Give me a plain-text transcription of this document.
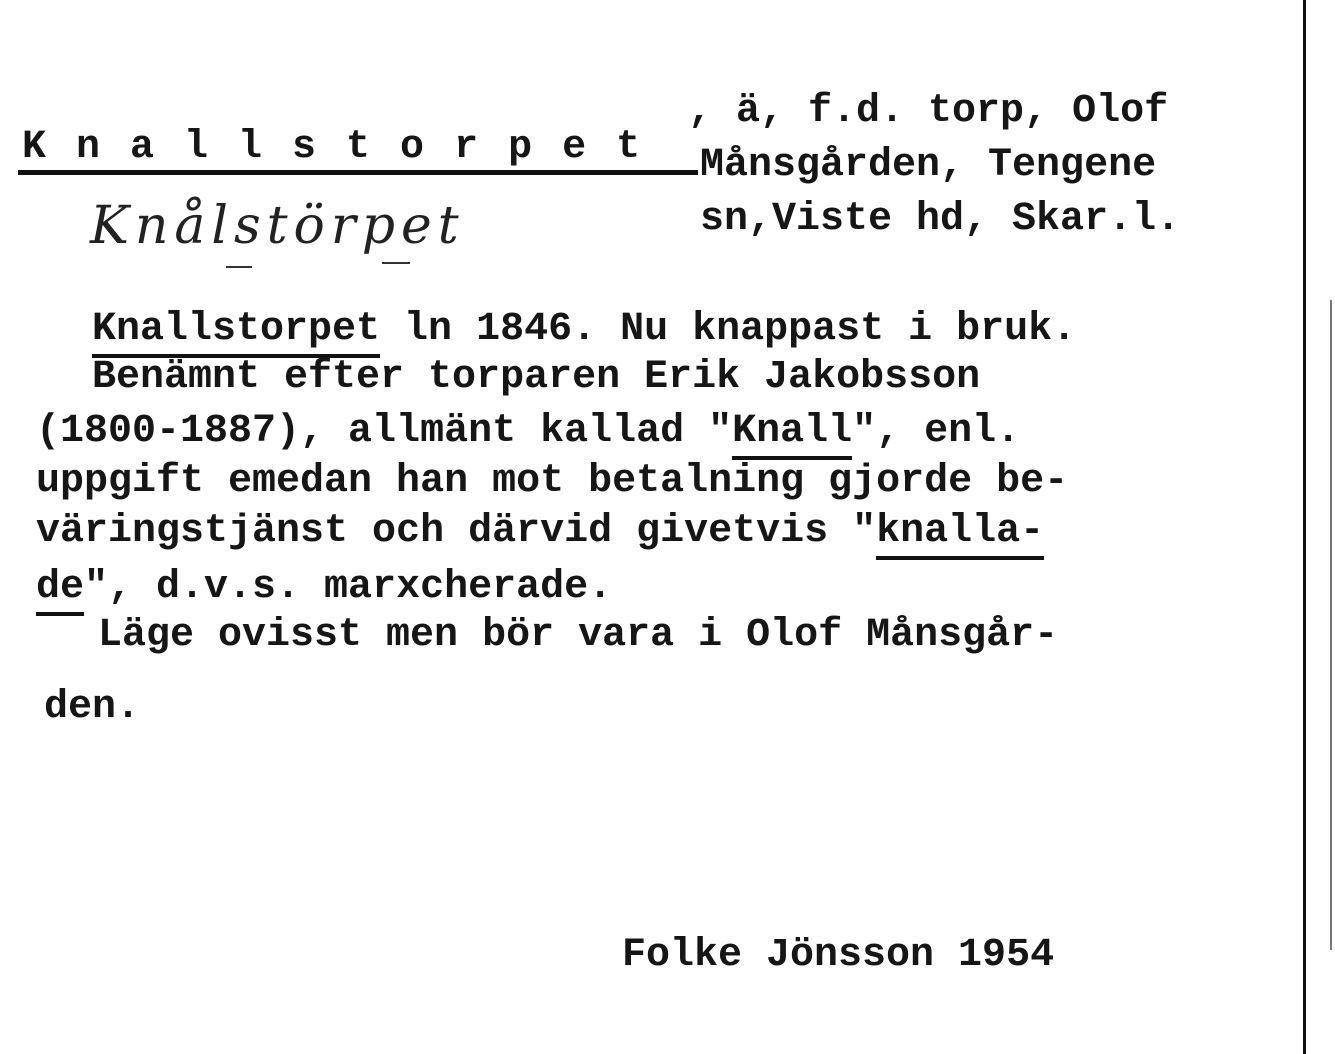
K n a l l s t o r p e t
, ä, f.d. torp, Olof
Månsgården, Tengene
sn,Viste hd, Skar.l.
Knålstörpet
Knallstorpet ln 1846. Nu knappast i bruk.
Benämnt efter torparen Erik Jakobsson
(1800-1887), allmänt kallad "Knall", enl.
uppgift emedan han mot betalning gjorde be-
väringstjänst och därvid givetvis "knalla-
de", d.v.s. marxcherade.
Läge ovisst men bör vara i Olof Månsgår-
den.
Folke Jönsson 1954
